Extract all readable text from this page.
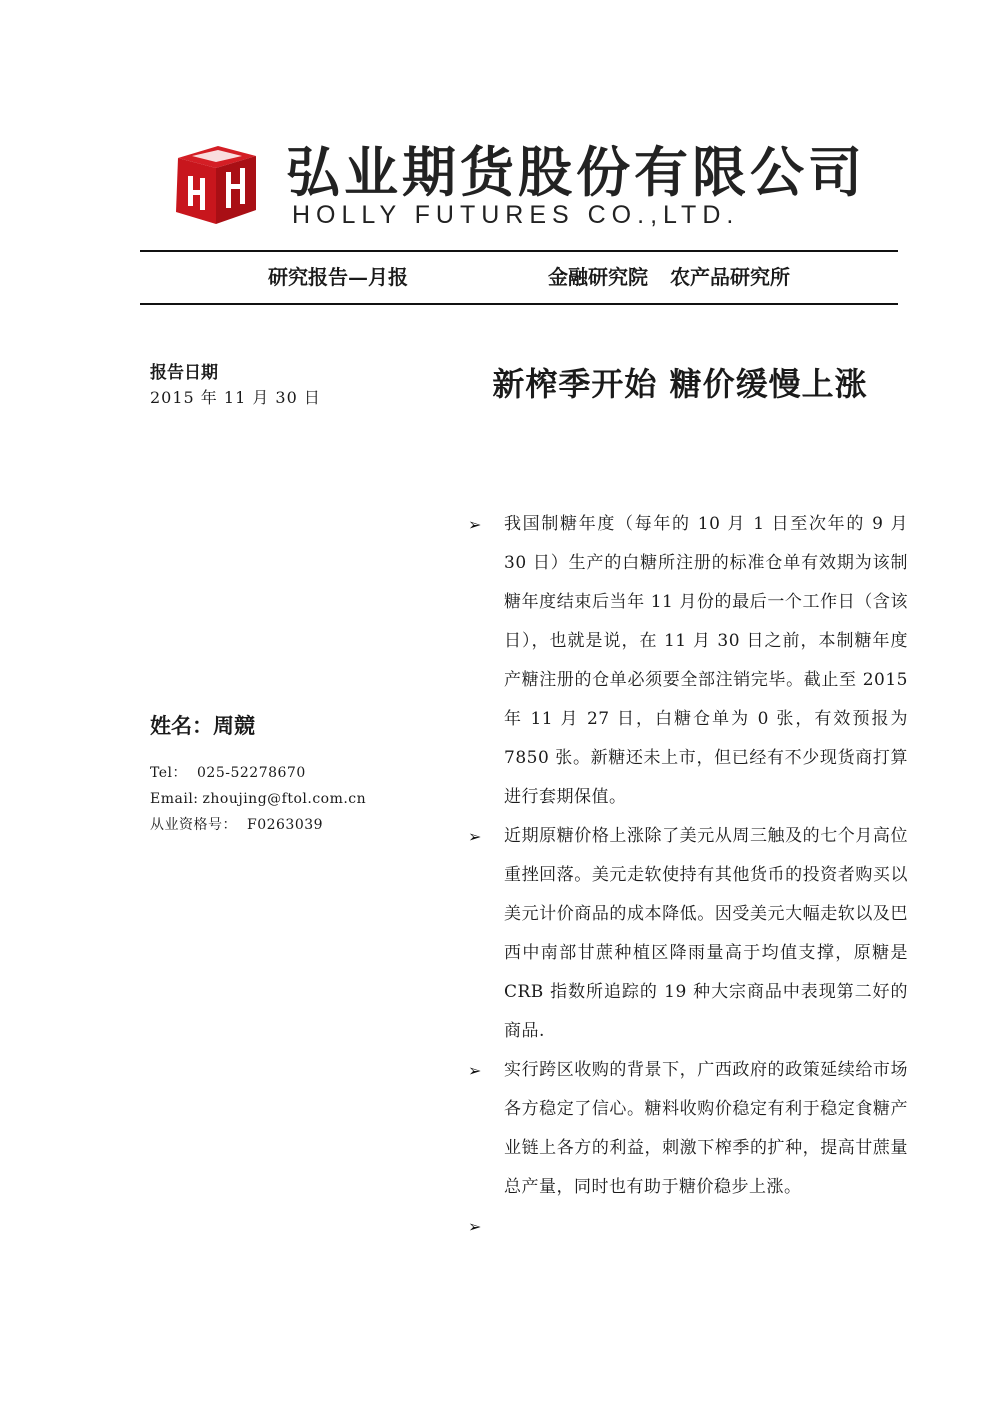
弘业期货股份有限公司
HOLLY FUTURES CO.,LTD.
研究报告—月报	金融研究院 农产品研究所
报告日期
2015 年 11 月 30 日	新榨季开始 糖价缓慢上涨
姓名：周競
Tel： 025-52278670
Email: zhoujing@ftol.com.cn
从业资格号： F0263039
➢ 我国制糖年度（每年的 10 月 1 日至次年的 9 月 30 日）生产的白糖所注册的标准仓单有效期为该制糖年度结束后当年 11 月份的最后一个工作日（含该日），也就是说，在 11 月 30 日之前，本制糖年度产糖注册的仓单必须要全部注销完毕。截止至 2015 年 11 月 27 日，白糖仓单为 0 张，有效预报为 7850 张。新糖还未上市，但已经有不少现货商打算进行套期保值。
➢ 近期原糖价格上涨除了美元从周三触及的七个月高位重挫回落。美元走软使持有其他货币的投资者购买以美元计价商品的成本降低。因受美元大幅走软以及巴西中南部甘蔗种植区降雨量高于均值支撑，原糖是 CRB 指数所追踪的 19 种大宗商品中表现第二好的商品.
➢ 实行跨区收购的背景下，广西政府的政策延续给市场各方稳定了信心。糖料收购价稳定有利于稳定食糖产业链上各方的利益，刺激下榨季的扩种，提高甘蔗量总产量，同时也有助于糖价稳步上涨。
➢
